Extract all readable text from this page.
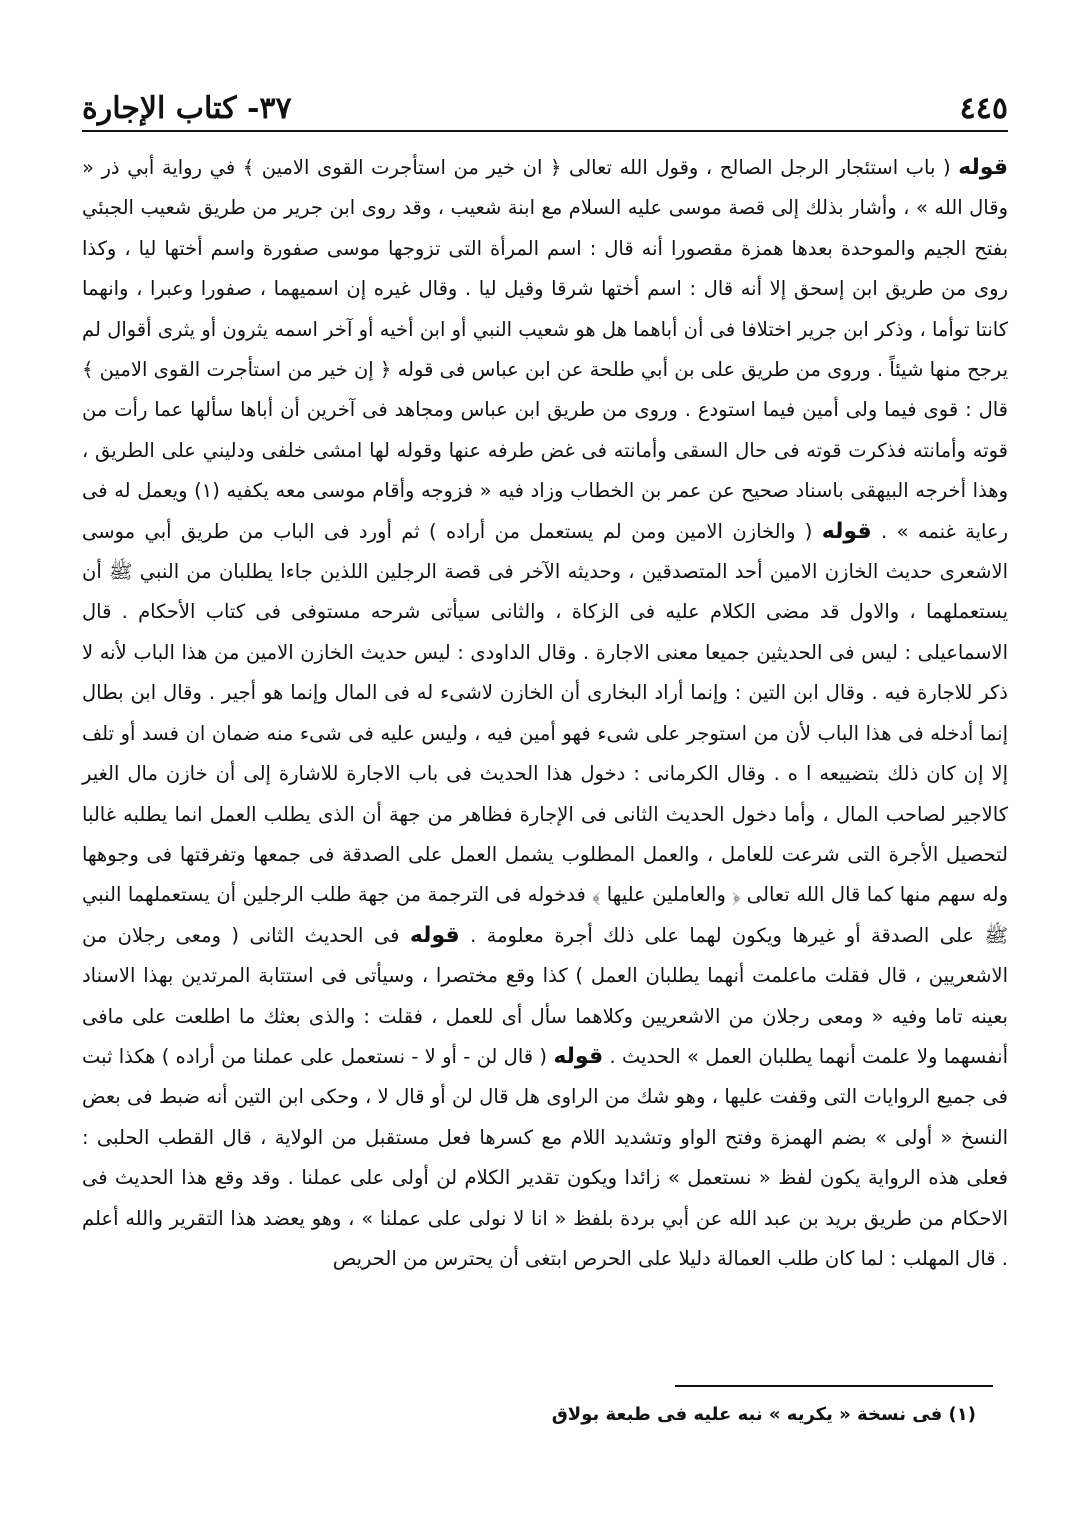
٤٤٥
٣٧- كتاب الإجارة

قوله ( باب استئجار الرجل الصالح ، وقول الله تعالى ﴿ ان خير من استأجرت القوى الامين ﴾ في رواية أبي ذر « وقال الله » ، وأشار بذلك إلى قصة موسى عليه السلام مع ابنة شعيب ، وقد روى ابن جرير من طريق شعيب الجبئي بفتح الجيم والموحدة بعدها همزة مقصورا أنه قال : اسم المرأة التى تزوجها موسى صفورة واسم أختها ليا ، وكذا روى من طريق ابن إسحق إلا أنه قال : اسم أختها شرقا وقيل ليا . وقال غيره إن اسميهما ، صفورا وعبرا ، وانهما كانتا توأما ، وذكر ابن جرير اختلافا فى أن أباهما هل هو شعيب النبي أو ابن أخيه أو آخر اسمه يثرون أو يثرى أقوال لم يرجح منها شيئاً . وروى من طريق على بن أبي طلحة عن ابن عباس فى قوله ﴿ إن خير من استأجرت القوى الامين ﴾ قال : قوى فيما ولى أمين فيما استودع . وروى من طريق ابن عباس ومجاهد فى آخرين أن أباها سألها عما رأت من قوته وأمانته فذكرت قوته فى حال السقى وأمانته فى غض طرفه عنها وقوله لها امشى خلفى ودليني على الطريق ، وهذا أخرجه البيهقى باسناد صحيح عن عمر بن الخطاب وزاد فيه « فزوجه وأقام موسى معه يكفيه (١) ويعمل له فى رعاية غنمه » . قوله ( والخازن الامين ومن لم يستعمل من أراده ) ثم أورد فى الباب من طريق أبي موسى الاشعرى حديث الخازن الامين أحد المتصدقين ، وحديثه الآخر فى قصة الرجلين اللذين جاءا يطلبان من النبي ﷺ أن يستعملهما ، والاول قد مضى الكلام عليه فى الزكاة ، والثانى سيأتى شرحه مستوفى فى كتاب الأحكام . قال الاسماعيلى : ليس فى الحديثين جميعا معنى الاجارة . وقال الداودى : ليس حديث الخازن الامين من هذا الباب لأنه لا ذكر للاجارة فيه . وقال ابن التين : وإنما أراد البخارى أن الخازن لاشىء له فى المال وإنما هو أجير . وقال ابن بطال إنما أدخله فى هذا الباب لأن من استوجر على شىء فهو أمين فيه ، وليس عليه فى شىء منه ضمان ان فسد أو تلف إلا إن كان ذلك بتضييعه ا ه . وقال الكرمانى : دخول هذا الحديث فى باب الاجارة للاشارة إلى أن خازن مال الغير كالاجير لصاحب المال ، وأما دخول الحديث الثانى فى الإجارة فظاهر من جهة أن الذى يطلب العمل انما يطلبه غالبا لتحصيل الأجرة التى شرعت للعامل ، والعمل المطلوب يشمل العمل على الصدقة فى جمعها وتفرقتها فى وجوهها وله سهم منها كما قال الله تعالى ﴿ والعاملين عليها ﴾ فدخوله فى الترجمة من جهة طلب الرجلين أن يستعملهما النبي ﷺ على الصدقة أو غيرها ويكون لهما على ذلك أجرة معلومة . قوله فى الحديث الثانى ( ومعى رجلان من الاشعريين ، قال فقلت ماعلمت أنهما يطلبان العمل ) كذا وقع مختصرا ، وسيأتى فى استتابة المرتدين بهذا الاسناد بعينه تاما وفيه « ومعى رجلان من الاشعريين وكلاهما سأل أى للعمل ، فقلت : والذى بعثك ما اطلعت على مافى أنفسهما ولا علمت أنهما يطلبان العمل » الحديث . قوله ( قال لن - أو لا - نستعمل على عملنا من أراده ) هكذا ثبت فى جميع الروايات التى وقفت عليها ، وهو شك من الراوى هل قال لن أو قال لا ، وحكى ابن التين أنه ضبط فى بعض النسخ « أولى » بضم الهمزة وفتح الواو وتشديد اللام مع كسرها فعل مستقبل من الولاية ، قال القطب الحلبى : فعلى هذه الرواية يكون لفظ « نستعمل » زائدا ويكون تقدير الكلام لن أولى على عملنا . وقد وقع هذا الحديث فى الاحكام من طريق بريد بن عبد الله عن أبي بردة بلفظ « انا لا نولى على عملنا » ، وهو يعضد هذا التقرير والله أعلم . قال المهلب : لما كان طلب العمالة دليلا على الحرص ابتغى أن يحترس من الحريص

(١) فى نسخة « يكريه » نبه عليه فى طبعة بولاق
